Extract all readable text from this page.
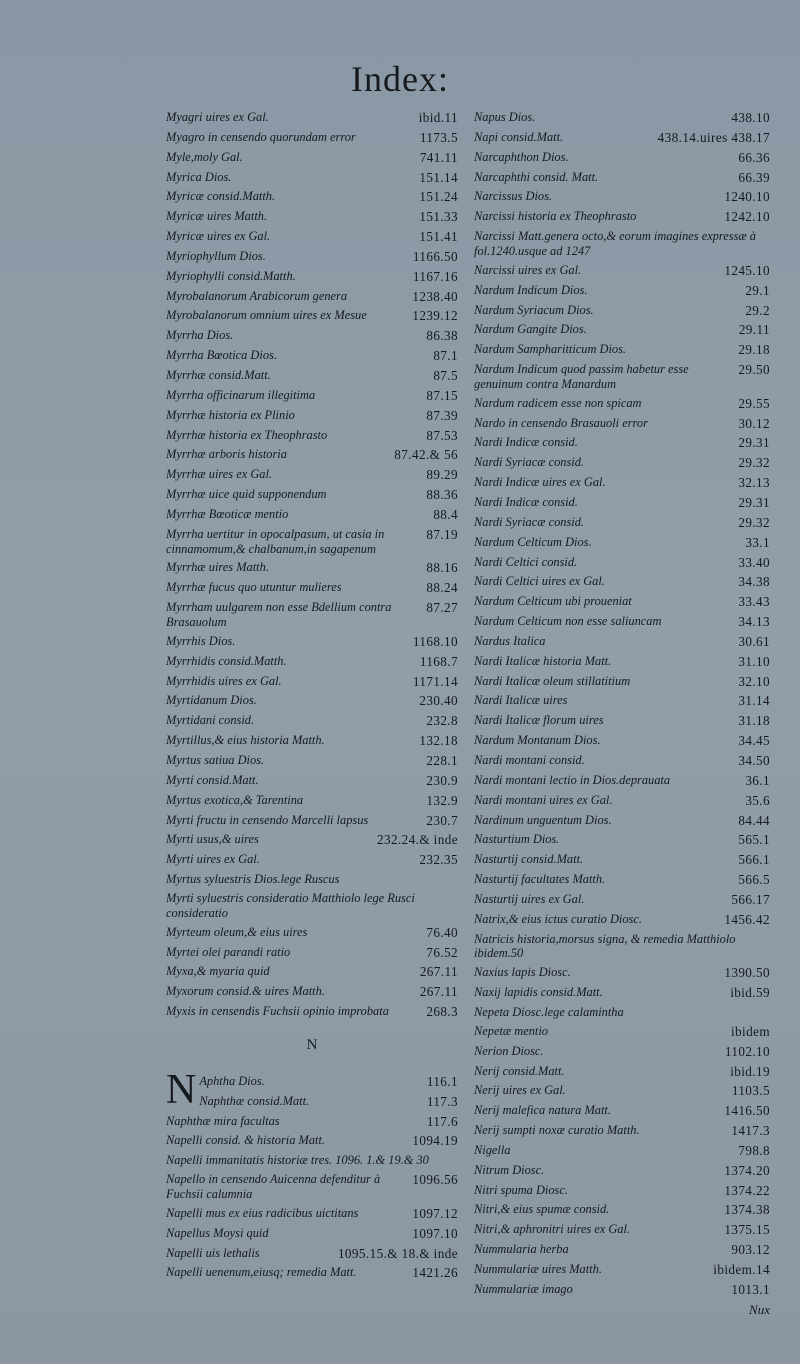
Index:
Myagri uires ex Gal.	ibid.11
Myagro in censendo quorundam error	1173.5
Myle,moly Gal.	741.11
Myrica Dios.	151.14
Myricæ consid.Matth.	151.24
Myricæ uires Matth.	151.33
Myricæ uires ex Gal.	151.41
Myriophyllum Dios.	1166.50
Myriophylli consid.Matth.	1167.16
Myrobalanorum Arabicorum genera	1238.40
Myrobalanorum omnium uires ex Mesue	1239.12
Myrrha Dios.	86.38
Myrrha Bœotica Dios.	87.1
Myrrhæ consid.Matt.	87.5
Myrrha officinarum illegitima	87.15
Myrrhæ historia ex Plinio	87.39
Myrrhæ historia ex Theophrasto	87.53
Myrrhæ arboris historia	87.42.& 56
Myrrhæ uires ex Gal.	89.29
Myrrhæ uice quid supponendum	88.36
Myrrhæ Bœoticæ mentio	88.4
Myrrha uertitur in opocalpasum, ut casia in cinnamomum,& chalbanum,in sagapenum
87.19
Myrrhæ uires Matth.	88.16
Myrrhæ fucus quo utuntur mulieres	88.24
Myrrham uulgarem non esse Bdellium contra Brasauolum
87.27
Myrrhis Dios.	1168.10
Myrrhidis consid.Matth.	1168.7
Myrrhidis uires ex Gal.	1171.14
Myrtidanum Dios.	230.40
Myrtidani consid.	232.8
Myrtillus,& eius historia Matth.	132.18
Myrtus satiua Dios.	228.1
Myrti consid.Matt.	230.9
Myrtus exotica,& Tarentina	132.9
Myrti fructu in censendo Marcelli lapsus	230.7
Myrti usus,& uires	232.24.& inde
Myrti uires ex Gal.	232.35
Myrtus syluestris Dios.lege Ruscus
Myrti syluestris consideratio Matthiolo lege Rusci consideratio
Myrteum oleum,& eius uires	76.40
Myrtei olei parandi ratio	76.52
Myxa,& myaria quid	267.11
Myxorum consid.& uires Matth.	267.11
Myxis in censendis Fuchsii opinio improbata	268.3
N
N Aphtha Dios.	116.1
Naphthæ consid.Matt.	117.3
Naphthæ mira facultas	117.6
Napelli consid. & historia Matt.	1094.19
Napelli immanitatis historiæ tres. 1096. 1.& 19.& 30
Napello in censendo Auicenna defenditur à Fuchsii calumnia
1096.56
Napelli mus ex eius radicibus uictitans	1097.12
Napellus Moysi quid	1097.10
Napelli uis lethalis	1095.15.& 18.& inde
Napelli uenenum,eiusq; remedia Matt.	1421.26
Napus Dios.	438.10
Napi consid.Matt.	438.14.uires 438.17
Narcaphthon Dios.	66.36
Narcaphthi consid. Matt.	66.39
Narcissus Dios.	1240.10
Narcissi historia ex Theophrasto	1242.10
Narcissi Matt.genera octo,& eorum imagines expressæ à fol.1240.usque ad 1247
Narcissi uires ex Gal.	1245.10
Nardum Indicum Dios.	29.1
Nardum Syriacum Dios.	29.2
Nardum Gangite Dios.	29.11
Nardum Sampharitticum Dios.	29.18
Nardum Indicum quod passim habetur esse genuinum contra Manardum
29.50
Nardum radicem esse non spicam	29.55
Nardo in censendo Brasauoli error	30.12
Nardi Indicæ consid.	29.31
Nardi Syriacæ consid.	29.32
Nardi Indicæ uires ex Gal.	32.13
Nardi Indicæ consid.	29.31
Nardi Syriacæ consid.	29.32
Nardum Celticum Dios.	33.1
Nardi Celtici consid.	33.40
Nardi Celtici uires ex Gal.	34.38
Nardum Celticum ubi proueniat	33.43
Nardum Celticum non esse saliuncam	34.13
Nardus Italica	30.61
Nardi Italicæ historia Matt.	31.10
Nardi Italicæ oleum stillatitium	32.10
Nardi Italicæ uires	31.14
Nardi Italicæ florum uires	31.18
Nardum Montanum Dios.	34.45
Nardi montani consid.	34.50
Nardi montani lectio in Dios.deprauata	36.1
Nardi montani uires ex Gal.	35.6
Nardinum unguentum Dios.	84.44
Nasturtium Dios.	565.1
Nasturtij consid.Matt.	566.1
Nasturtij facultates Matth.	566.5
Nasturtij uires ex Gal.	566.17
Natrix,& eius ictus curatio Diosc.	1456.42
Natricis historia,morsus signa, & remedia Matthiolo ibidem.50
Naxius lapis Diosc.	1390.50
Naxij lapidis consid.Matt.	ibid.59
Nepeta Diosc.lege calamintha
Nepetæ mentio	ibidem
Nerion Diosc.	1102.10
Nerij consid.Matt.	ibid.19
Nerij uires ex Gal.	1103.5
Nerij malefica natura Matt.	1416.50
Nerij sumpti noxæ curatio Matth.	1417.3
Nigella	798.8
Nitrum Diosc.	1374.20
Nitri spuma Diosc.	1374.22
Nitri,& eius spumæ consid.	1374.38
Nitri,& aphronitri uires ex Gal.	1375.15
Nummularia herba	903.12
Nummulariæ uires Matth.	ibidem.14
Nummulariæ imago	1013.1
Nux
